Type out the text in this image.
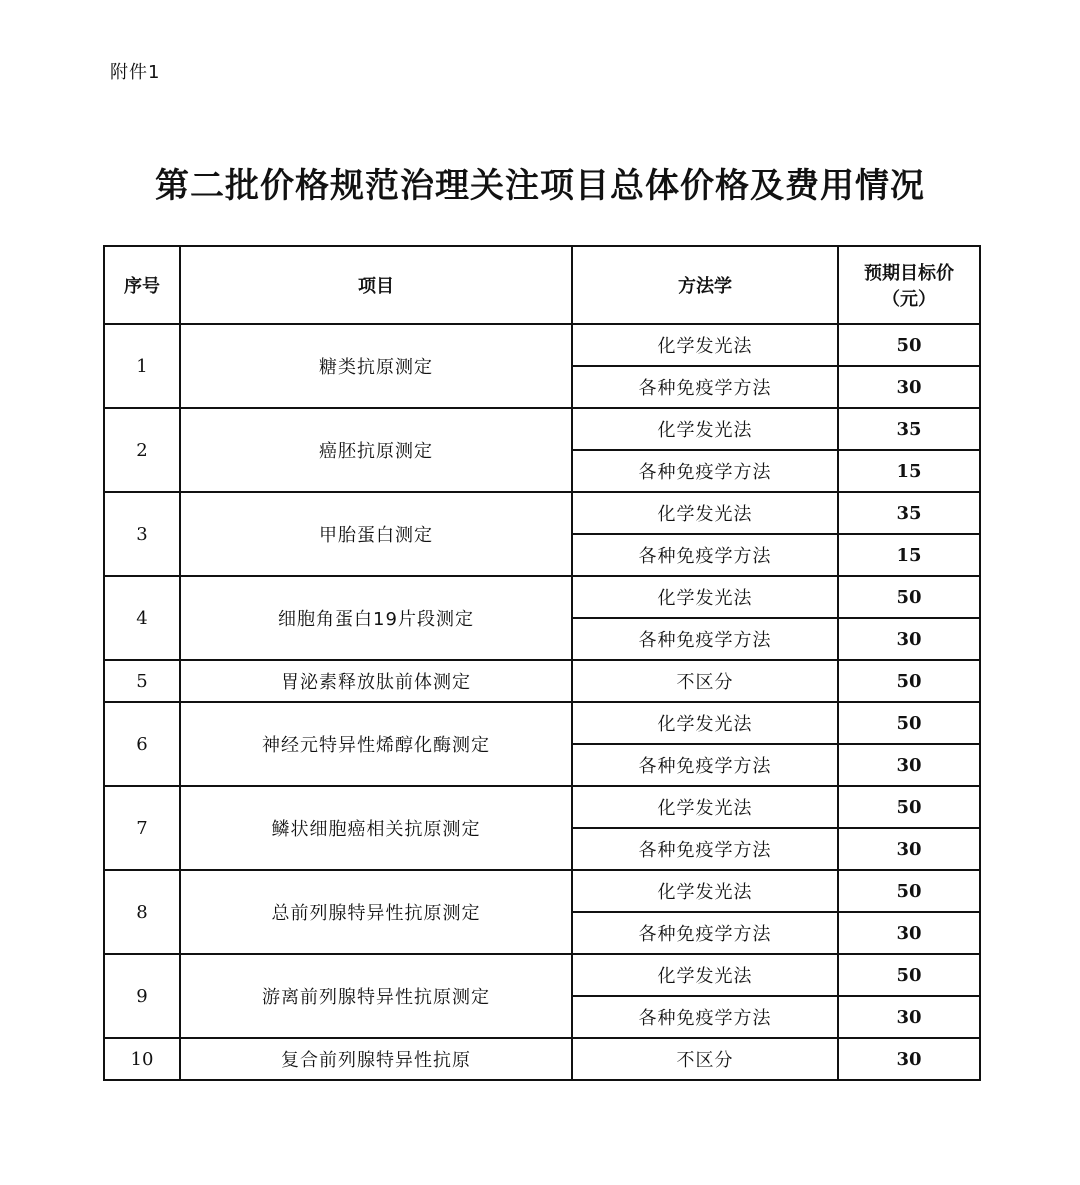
附件1
第二批价格规范治理关注项目总体价格及费用情况
序号	项目	方法学	预期目标价
（元）

1	糖类抗原测定	化学发光法	50
		各种免疫学方法	30
2	癌胚抗原测定	化学发光法	35
		各种免疫学方法	15
3	甲胎蛋白测定	化学发光法	35
		各种免疫学方法	15
4	细胞角蛋白19片段测定	化学发光法	50
		各种免疫学方法	30
5	胃泌素释放肽前体测定	不区分	50
6	神经元特异性烯醇化酶测定	化学发光法	50
		各种免疫学方法	30
7	鳞状细胞癌相关抗原测定	化学发光法	50
		各种免疫学方法	30
8	总前列腺特异性抗原测定	化学发光法	50
		各种免疫学方法	30
9	游离前列腺特异性抗原测定	化学发光法	50
		各种免疫学方法	30
10	复合前列腺特异性抗原	不区分	30
